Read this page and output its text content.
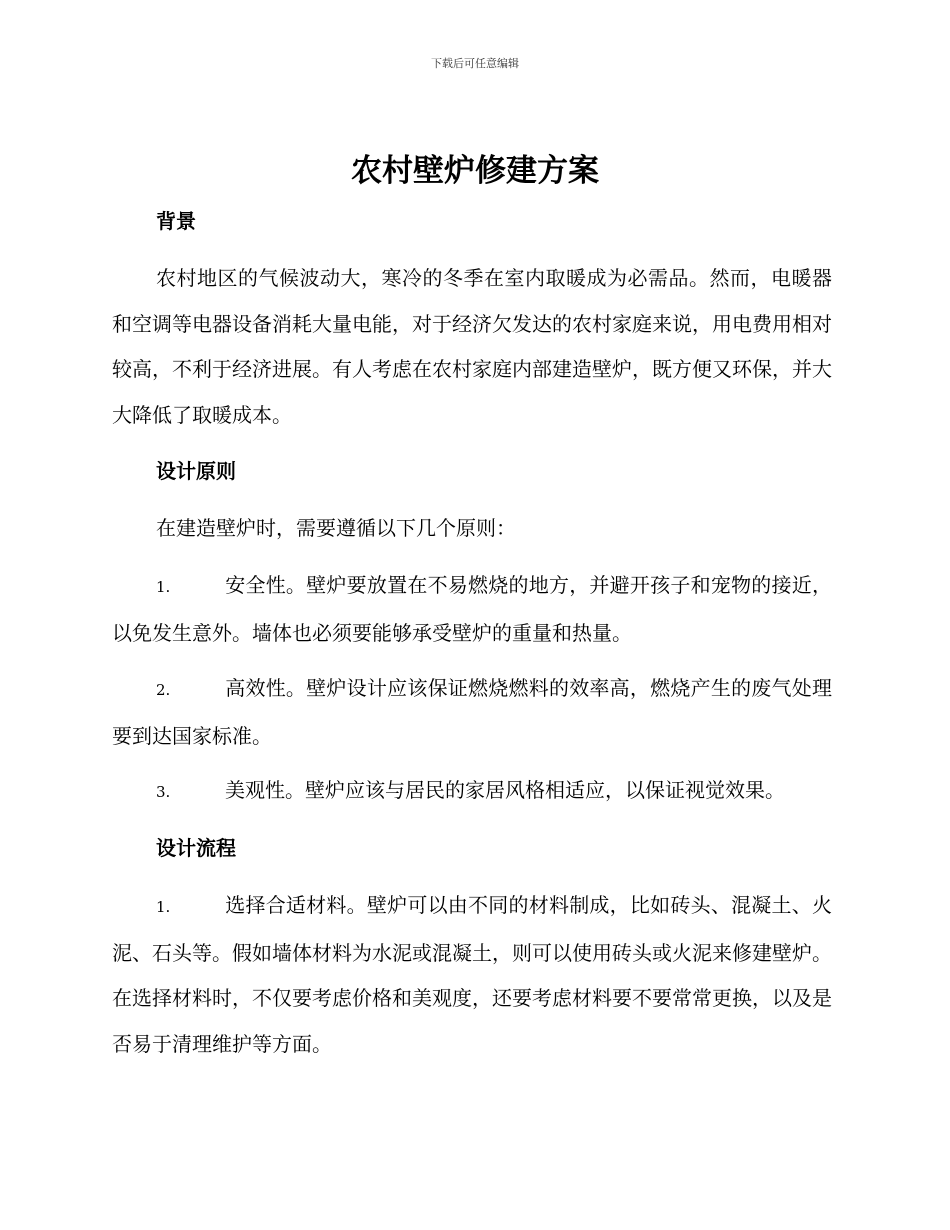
下载后可任意编辑
农村壁炉修建方案
背景
农村地区的气候波动大，寒冷的冬季在室内取暖成为必需品。然而，电暖器和空调等电器设备消耗大量电能，对于经济欠发达的农村家庭来说，用电费用相对较高，不利于经济进展。有人考虑在农村家庭内部建造壁炉，既方便又环保，并大大降低了取暖成本。
设计原则
在建造壁炉时，需要遵循以下几个原则：
1.	安全性。壁炉要放置在不易燃烧的地方，并避开孩子和宠物的接近，以免发生意外。墙体也必须要能够承受壁炉的重量和热量。
2.	高效性。壁炉设计应该保证燃烧燃料的效率高，燃烧产生的废气处理要到达国家标准。
3.	美观性。壁炉应该与居民的家居风格相适应，以保证视觉效果。
设计流程
1.	选择合适材料。壁炉可以由不同的材料制成，比如砖头、混凝土、火泥、石头等。假如墙体材料为水泥或混凝土，则可以使用砖头或火泥来修建壁炉。在选择材料时，不仅要考虑价格和美观度，还要考虑材料要不要常常更换，以及是否易于清理维护等方面。
